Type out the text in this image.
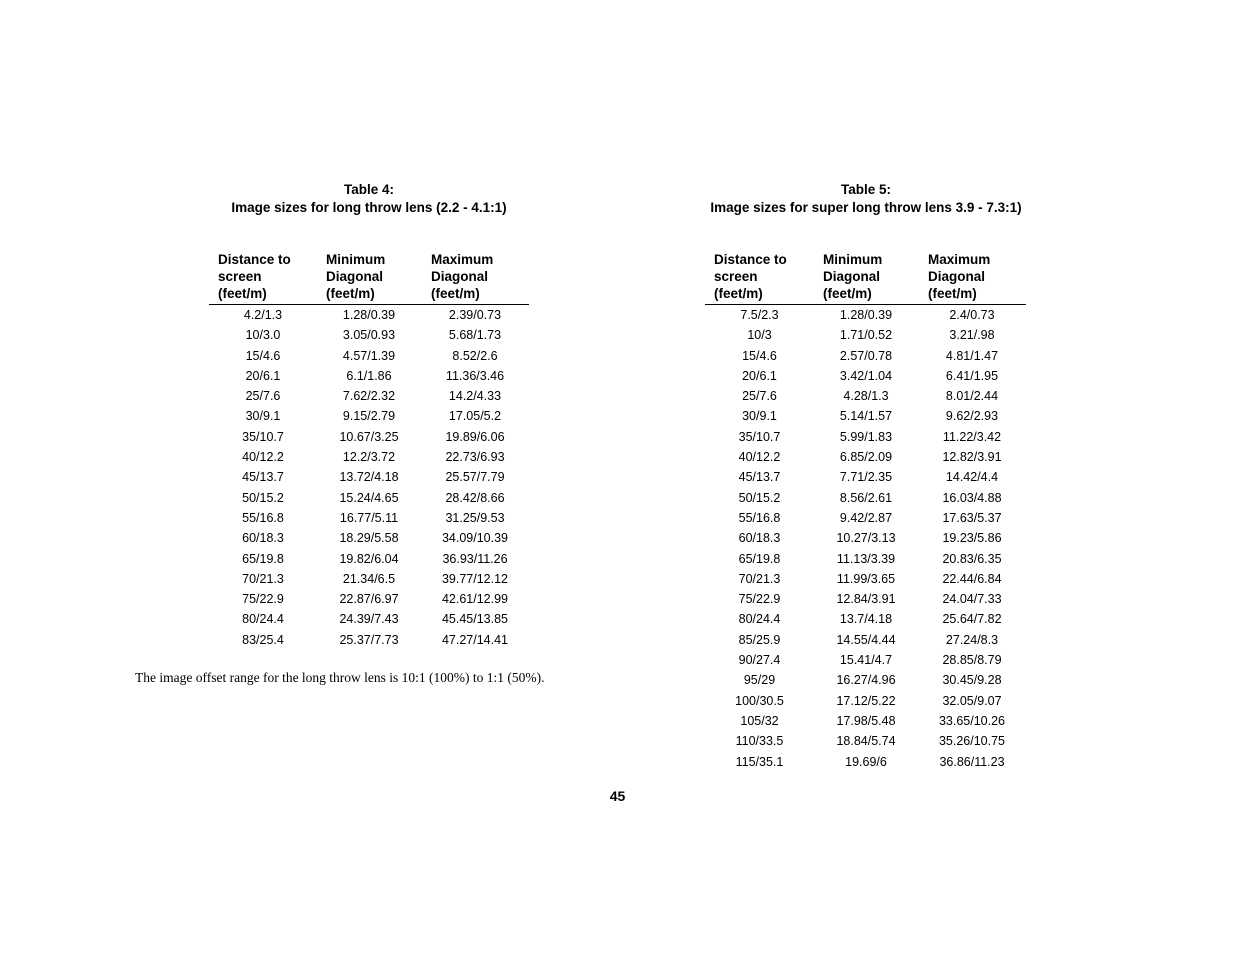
Table 4:
Image sizes for long throw lens (2.2 - 4.1:1)
Distance to
screen
(feet/m)	Minimum
Diagonal
(feet/m)	Maximum
Diagonal
(feet/m)
4.2/1.3	1.28/0.39	2.39/0.73
10/3.0	3.05/0.93	5.68/1.73
15/4.6	4.57/1.39	8.52/2.6
20/6.1	6.1/1.86	11.36/3.46
25/7.6	7.62/2.32	14.2/4.33
30/9.1	9.15/2.79	17.05/5.2
35/10.7	10.67/3.25	19.89/6.06
40/12.2	12.2/3.72	22.73/6.93
45/13.7	13.72/4.18	25.57/7.79
50/15.2	15.24/4.65	28.42/8.66
55/16.8	16.77/5.11	31.25/9.53
60/18.3	18.29/5.58	34.09/10.39
65/19.8	19.82/6.04	36.93/11.26
70/21.3	21.34/6.5	39.77/12.12
75/22.9	22.87/6.97	42.61/12.99
80/24.4	24.39/7.43	45.45/13.85
83/25.4	25.37/7.73	47.27/14.41
Table 5:
Image sizes for super long throw lens 3.9 - 7.3:1)
Distance to
screen
(feet/m)	Minimum
Diagonal
(feet/m)	Maximum
Diagonal
(feet/m)
7.5/2.3	1.28/0.39	2.4/0.73
10/3	1.71/0.52	3.21/.98
15/4.6	2.57/0.78	4.81/1.47
20/6.1	3.42/1.04	6.41/1.95
25/7.6	4.28/1.3	8.01/2.44
30/9.1	5.14/1.57	9.62/2.93
35/10.7	5.99/1.83	11.22/3.42
40/12.2	6.85/2.09	12.82/3.91
45/13.7	7.71/2.35	14.42/4.4
50/15.2	8.56/2.61	16.03/4.88
55/16.8	9.42/2.87	17.63/5.37
60/18.3	10.27/3.13	19.23/5.86
65/19.8	11.13/3.39	20.83/6.35
70/21.3	11.99/3.65	22.44/6.84
75/22.9	12.84/3.91	24.04/7.33
80/24.4	13.7/4.18	25.64/7.82
85/25.9	14.55/4.44	27.24/8.3
90/27.4	15.41/4.7	28.85/8.79
95/29	16.27/4.96	30.45/9.28
100/30.5	17.12/5.22	32.05/9.07
105/32	17.98/5.48	33.65/10.26
110/33.5	18.84/5.74	35.26/10.75
115/35.1	19.69/6	36.86/11.23
The image offset range for the long throw lens is 10:1 (100%) to 1:1 (50%).
45
